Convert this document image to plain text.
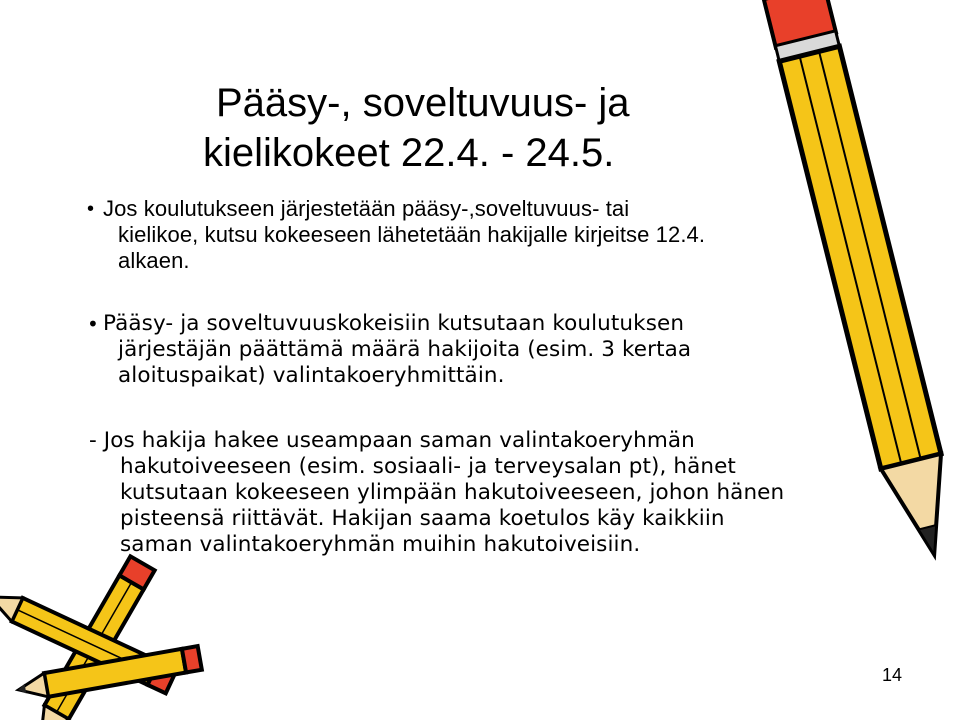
Pääsy-, soveltuvuus- ja
kielikokeet 22.4. - 24.5.
• Jos koulutukseen järjestetään pääsy-,soveltuvuus- tai
kielikoe, kutsu kokeeseen lähetetään hakijalle kirjeitse 12.4.
alkaen.
• Pääsy- ja soveltuvuuskokeisiin kutsutaan koulutuksen
järjestäjän päättämä määrä hakijoita (esim. 3 kertaa
aloituspaikat) valintakoeryhmittäin.
- Jos hakija hakee useampaan saman valintakoeryhmän
hakutoiveeseen (esim. sosiaali- ja terveysalan pt), hänet
kutsutaan kokeeseen ylimpään hakutoiveeseen, johon hänen
pisteensä riittävät. Hakijan saama koetulos käy kaikkiin
saman valintakoeryhmän muihin hakutoiveisiin.
14
